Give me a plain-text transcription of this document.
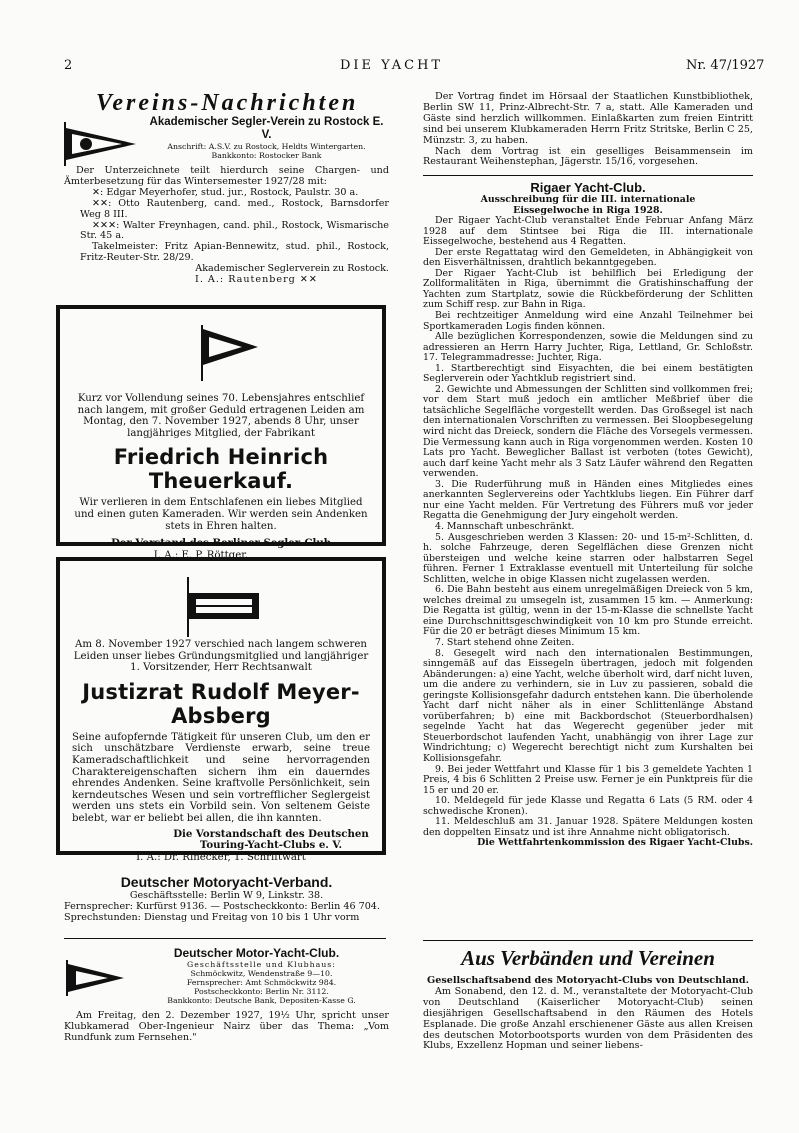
2	DIE YACHT	Nr. 47/1927
Vereins-Nachrichten
Akademischer Segler-Verein zu Rostock E. V.
Anschrift: A.S.V. zu Rostock, Heldts Wintergarten.
Bankkonto: Rostocker Bank

Der Unterzeichnete teilt hierdurch seine Chargen- und Ämterbesetzung für das Wintersemester 1927/28 mit:

✕: Edgar Meyerhofer, stud. jur., Rostock, Paulstr. 30 a.

✕✕: Otto Rautenberg, cand. med., Rostock, Barnsdorfer Weg 8 III.

✕✕✕: Walter Freynhagen, cand. phil., Rostock, Wismarische Str. 45 a.

Takelmeister: Fritz Apian-Bennewitz, stud. phil., Rostock, Fritz-Reuter-Str. 28/29.

Akademischer Seglerverein zu Rostock.

I. A.: Rautenberg ✕✕

Kurz vor Vollendung seines 70. Lebensjahres entschlief nach langem, mit großer Geduld ertragenen Leiden am Montag, den 7. November 1927, abends 8 Uhr, unser langjähriges Mitglied, der Fabrikant

Friedrich Heinrich Theuerkauf.

Wir verlieren in dem Entschlafenen ein liebes Mitglied und einen guten Kameraden. Wir werden sein Andenken stets in Ehren halten.

Der Vorstand des Berliner Segler-Club

I. A.: E. P. Röttger.

Am 8. November 1927 verschied nach langem schweren Leiden unser liebes Gründungsmitglied und langjähriger 1. Vorsitzender, Herr Rechtsanwalt

Justizrat Rudolf Meyer-Absberg

Seine aufopfernde Tätigkeit für unseren Club, um den er sich unschätzbare Verdienste erwarb, seine treue Kameradschaftlichkeit und seine hervorragenden Charaktereigenschaften sichern ihm ein dauerndes ehrendes Andenken. Seine kraftvolle Persönlichkeit, sein kerndeutsches Wesen und sein vortrefflicher Seglergeist werden uns stets ein Vorbild sein. Von seltenem Geiste belebt, war er beliebt bei allen, die ihn kannten.

Die Vorstandschaft des Deutschen Touring-Yacht-Clubs e. V.

I. A.: Dr. Rinecker, 1. Schriftwart

Deutscher Motoryacht-Verband.
Geschäftsstelle: Berlin W 9, Linkstr. 38.
Fernsprecher: Kurfürst 9136. — Postscheckkonto: Berlin 46 704.
Sprechstunden: Dienstag und Freitag von 10 bis 1 Uhr vorm
Deutscher Motor-Yacht-Club.
Geschäftsstelle und Klubhaus:
Schmöckwitz, Wendenstraße 9—10.
Fernsprecher: Amt Schmöckwitz 984.
Postscheckkonto: Berlin Nr. 3112.
Bankkonto: Deutsche Bank, Depositen-Kasse G.

Am Freitag, den 2. Dezember 1927, 19½ Uhr, spricht unser Klubkamerad Ober-Ingenieur Nairz über das Thema: „Vom Rundfunk zum Fernsehen."

Der Vortrag findet im Hörsaal der Staatlichen Kunstbibliothek, Berlin SW 11, Prinz-Albrecht-Str. 7 a, statt. Alle Kameraden und Gäste sind herzlich willkommen. Einlaßkarten zum freien Eintritt sind bei unserem Klubkameraden Herrn Fritz Stritske, Berlin C 25, Münzstr. 3, zu haben.

Nach dem Vortrag ist ein geselliges Beisammensein im Restaurant Weihenstephan, Jägerstr. 15/16, vorgesehen.

Rigaer Yacht-Club.
Ausschreibung für die III. internationale Eissegelwoche in Riga 1928.

Der Rigaer Yacht-Club veranstaltet Ende Februar Anfang März 1928 auf dem Stintsee bei Riga die III. internationale Eissegelwoche, bestehend aus 4 Regatten.

Der erste Regattatag wird den Gemeldeten, in Abhängigkeit von den Eisverhältnissen, drahtlich bekanntgegeben.

Der Rigaer Yacht-Club ist behilflich bei Erledigung der Zollformalitäten in Riga, übernimmt die Gratishinschaffung der Yachten zum Startplatz, sowie die Rückbeförderung der Schlitten zum Schiff resp. zur Bahn in Riga.

Bei rechtzeitiger Anmeldung wird eine Anzahl Teilnehmer bei Sportkameraden Logis finden können.

Alle bezüglichen Korrespondenzen, sowie die Meldungen sind zu adressieren an Herrn Harry Juchter, Riga, Lettland, Gr. Schloßstr. 17. Telegrammadresse: Juchter, Riga.

1. Startberechtigt sind Eisyachten, die bei einem bestätigten Seglerverein oder Yachtklub registriert sind.

2. Gewichte und Abmessungen der Schlitten sind vollkommen frei; vor dem Start muß jedoch ein amtlicher Meßbrief über die tatsächliche Segelfläche vorgestellt werden. Das Großsegel ist nach den internationalen Vorschriften zu vermessen. Bei Sloopbesegelung wird nicht das Dreieck, sondern die Fläche des Vorsegels vermessen. Die Vermessung kann auch in Riga vorgenommen werden. Kosten 10 Lats pro Yacht. Beweglicher Ballast ist verboten (totes Gewicht), auch darf keine Yacht mehr als 3 Satz Läufer während den Regatten verwenden.

3. Die Ruderführung muß in Händen eines Mitgliedes eines anerkannten Seglervereins oder Yachtklubs liegen. Ein Führer darf nur eine Yacht melden. Für Vertretung des Führers muß vor jeder Regatta die Genehmigung der Jury eingeholt werden.

4. Mannschaft unbeschränkt.

5. Ausgeschrieben werden 3 Klassen: 20- und 15-m²-Schlitten, d. h. solche Fahrzeuge, deren Segelflächen diese Grenzen nicht übersteigen und welche keine starren oder halbstarren Segel führen. Ferner 1 Extraklasse eventuell mit Unterteilung für solche Schlitten, welche in obige Klassen nicht zugelassen werden.

6. Die Bahn besteht aus einem unregelmäßigen Dreieck von 5 km, welches dreimal zu umsegeln ist, zusammen 15 km. — Anmerkung: Die Regatta ist gültig, wenn in der 15-m-Klasse die schnellste Yacht eine Durchschnittsgeschwindigkeit von 10 km pro Stunde erreicht. Für die 20 er beträgt dieses Minimum 15 km.

7. Start stehend ohne Zeiten.

8. Gesegelt wird nach den internationalen Bestimmungen, sinngemäß auf das Eissegeln übertragen, jedoch mit folgenden Abänderungen: a) eine Yacht, welche überholt wird, darf nicht luven, um die andere zu verhindern, sie in Luv zu passieren, sobald die geringste Kollisionsgefahr dadurch entstehen kann. Die überholende Yacht darf nicht näher als in einer Schlittenlänge Abstand vorüberfahren; b) eine mit Backbordschot (Steuerbordhalsen) segelnde Yacht hat das Wegerecht gegenüber jeder mit Steuerbordschot laufenden Yacht, unabhängig von ihrer Lage zur Windrichtung; c) Wegerecht berechtigt nicht zum Kurshalten bei Kollisionsgefahr.

9. Bei jeder Wettfahrt und Klasse für 1 bis 3 gemeldete Yachten 1 Preis, 4 bis 6 Schlitten 2 Preise usw. Ferner je ein Punktpreis für die 15 er und 20 er.

10. Meldegeld für jede Klasse und Regatta 6 Lats (5 RM. oder 4 schwedische Kronen).

11. Meldeschluß am 31. Januar 1928. Spätere Meldungen kosten den doppelten Einsatz und ist ihre Annahme nicht obligatorisch.

Die Wettfahrtenkommission des Rigaer Yacht-Clubs.

Aus Verbänden und Vereinen
Gesellschaftsabend des Motoryacht-Clubs von Deutschland.

Am Sonabend, den 12. d. M., veranstaltete der Motoryacht-Club von Deutschland (Kaiserlicher Motoryacht-Club) seinen diesjährigen Gesellschaftsabend in den Räumen des Hotels Esplanade. Die große Anzahl erschienener Gäste aus allen Kreisen des deutschen Motorbootsports wurden von dem Präsidenten des Klubs, Exzellenz Hopman und seiner liebens-
